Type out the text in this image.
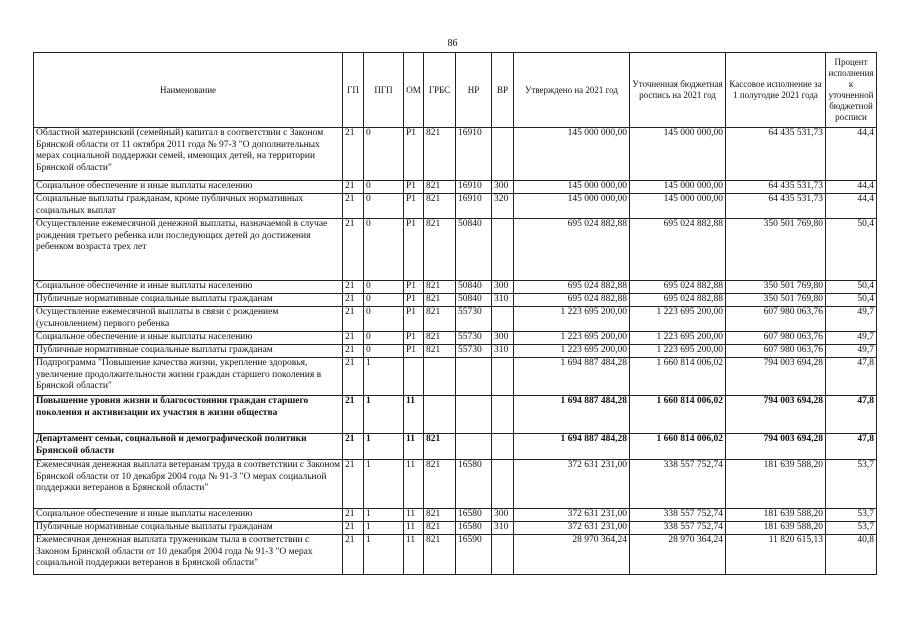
86
Наименование	ГП	ПГП	ОМ	ГРБС	НР	ВР	Утверждено на 2021 год	Уточненная бюджетная роспись на 2021 год	Кассовое исполнение за 1 полугодие 2021 года	Процент исполнения к уточненной бюджетной росписи
Областной материнский (семейный) капитал в соответствии с Законом Брянской области от 11 октября 2011 года № 97-З "О дополнительных мерах социальной поддержки семей, имеющих детей, на территории Брянской области"	21	0	P1	821	16910		145 000 000,00	145 000 000,00	64 435 531,73	44,4
Социальное обеспечение и иные выплаты населению	21	0	P1	821	16910	300	145 000 000,00	145 000 000,00	64 435 531,73	44,4
Социальные выплаты гражданам, кроме публичных нормативных социальных выплат	21	0	P1	821	16910	320	145 000 000,00	145 000 000,00	64 435 531,73	44,4
Осуществление ежемесячной денежной выплаты, назначаемой в случае рождения третьего ребенка или последующих детей до достижения ребенком возраста трех лет	21	0	P1	821	50840		695 024 882,88	695 024 882,88	350 501 769,80	50,4
Социальное обеспечение и иные выплаты населению	21	0	P1	821	50840	300	695 024 882,88	695 024 882,88	350 501 769,80	50,4
Публичные нормативные социальные выплаты гражданам	21	0	P1	821	50840	310	695 024 882,88	695 024 882,88	350 501 769,80	50,4
Осуществление ежемесячной выплаты в связи с рождением (усыновлением) первого ребенка	21	0	P1	821	55730		1 223 695 200,00	1 223 695 200,00	607 980 063,76	49,7
Социальное обеспечение и иные выплаты населению	21	0	P1	821	55730	300	1 223 695 200,00	1 223 695 200,00	607 980 063,76	49,7
Публичные нормативные социальные выплаты гражданам	21	0	P1	821	55730	310	1 223 695 200,00	1 223 695 200,00	607 980 063,76	49,7
Подпрограмма "Повышение качества жизни, укрепление здоровья, увеличение продолжительности жизни граждан старшего поколения в Брянской области"	21	1					1 694 887 484,28	1 660 814 006,02	794 003 694,28	47,8
Повышение уровня жизни и благосостояния граждан старшего поколения и активизации их участия в жизни общества	21	1	11				1 694 887 484,28	1 660 814 006,02	794 003 694,28	47,8
Департамент семьи, социальной и демографической политики Брянской области	21	1	11	821			1 694 887 484,28	1 660 814 006,02	794 003 694,28	47,8
Ежемесячная денежная выплата ветеранам труда в соответствии с Законом Брянской области от 10 декабря 2004 года № 91-З "О мерах социальной поддержки ветеранов в Брянской области"	21	1	11	821	16580		372 631 231,00	338 557 752,74	181 639 588,20	53,7
Социальное обеспечение и иные выплаты населению	21	1	11	821	16580	300	372 631 231,00	338 557 752,74	181 639 588,20	53,7
Публичные нормативные социальные выплаты гражданам	21	1	11	821	16580	310	372 631 231,00	338 557 752,74	181 639 588,20	53,7
Ежемесячная денежная выплата труженикам тыла в соответствии с Законом Брянской области от 10 декабря 2004 года № 91-З "О мерах социальной поддержки ветеранов в Брянской области"	21	1	11	821	16590		28 970 364,24	28 970 364,24	11 820 615,13	40,8
